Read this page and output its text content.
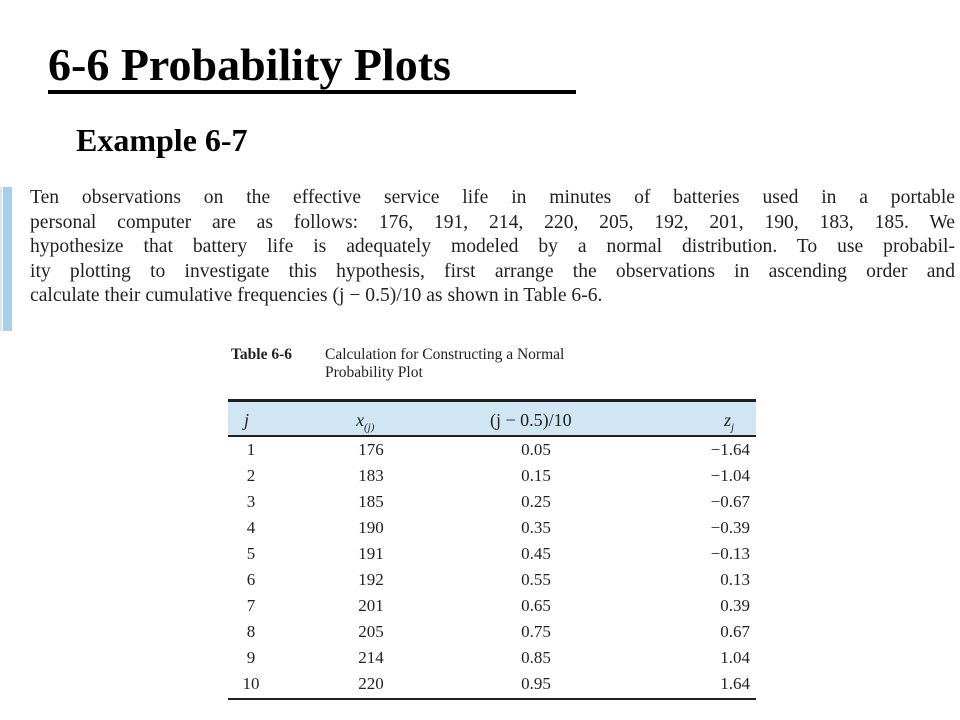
6-6 Probability Plots
Example 6-7
Ten observations on the effective service life in minutes of batteries used in a portable
personal computer are as follows: 176, 191, 214, 220, 205, 192, 201, 190, 183, 185. We
hypothesize that battery life is adequately modeled by a normal distribution. To use probabil-
ity plotting to investigate this hypothesis, first arrange the observations in ascending order and
calculate their cumulative frequencies (j − 0.5)/10 as shown in Table 6-6.
Table 6-6 Calculation for Constructing a Normal
Probability Plot
j	$x_{(j)}$	(j − 0.5)/10	$z_j$
1	176	0.05	−1.64
2	183	0.15	−1.04
3	185	0.25	−0.67
4	190	0.35	−0.39
5	191	0.45	−0.13
6	192	0.55	0.13
7	201	0.65	0.39
8	205	0.75	0.67
9	214	0.85	1.04
10	220	0.95	1.64
